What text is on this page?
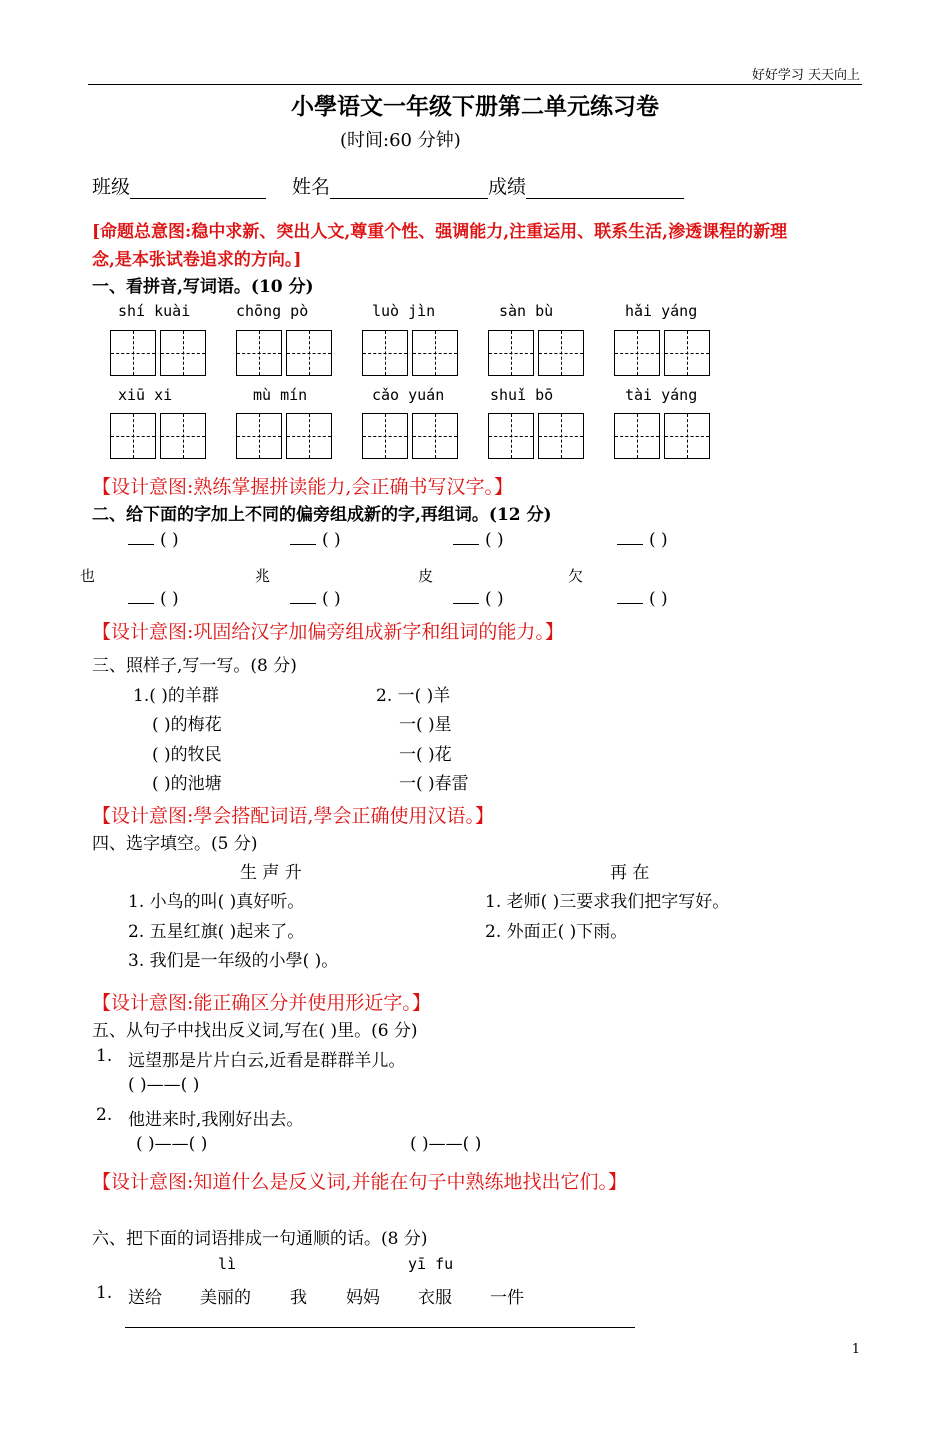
好好学习 天天向上
小學语文一年级下册第二单元练习卷
(时间:60 分钟)
班级	姓名	成绩
[命题总意图:稳中求新、突出人文,尊重个性、强调能力,注重运用、联系生活,渗透课程的新理
念,是本张试卷追求的方向。]
一、看拼音,写词语。(10 分)
shí kuài	chōng pò	luò jìn	sàn bù	hǎi yáng
xiū xi	mù mín	cǎo yuán	shuǐ bō	tài yáng
【设计意图:熟练掌握拼读能力,会正确书写汉字。】
二、给下面的字加上不同的偏旁组成新的字,再组词。(12 分)
( )	( )	( )	( )
也	兆	皮	欠
( )	( )	( )	( )
【设计意图:巩固给汉字加偏旁组成新字和组词的能力。】
三、照样子,写一写。(8 分)
1.( )的羊群
( )的梅花
( )的牧民
( )的池塘
2. 一( )羊
一( )星
一( )花
一( )春雷
【设计意图:學会搭配词语,學会正确使用汉语。】
四、选字填空。(5 分)
生 声 升	再 在
1. 小鸟的叫( )真好听。
2. 五星红旗( )起来了。
3. 我们是一年级的小學( )。
1. 老师( )三要求我们把字写好。
2. 外面正( )下雨。
【设计意图:能正确区分并使用形近字。】
五、从句子中找出反义词,写在( )里。(6 分)
1. 远望那是片片白云,近看是群群羊儿。
( )——( )
2. 他进来时,我刚好出去。
( )——( )	( )——( )
【设计意图:知道什么是反义词,并能在句子中熟练地找出它们。】
六、把下面的词语排成一句通顺的话。(8 分)
lì	yī fu
1. 送给 美丽的 我 妈妈 衣服 一件
1
